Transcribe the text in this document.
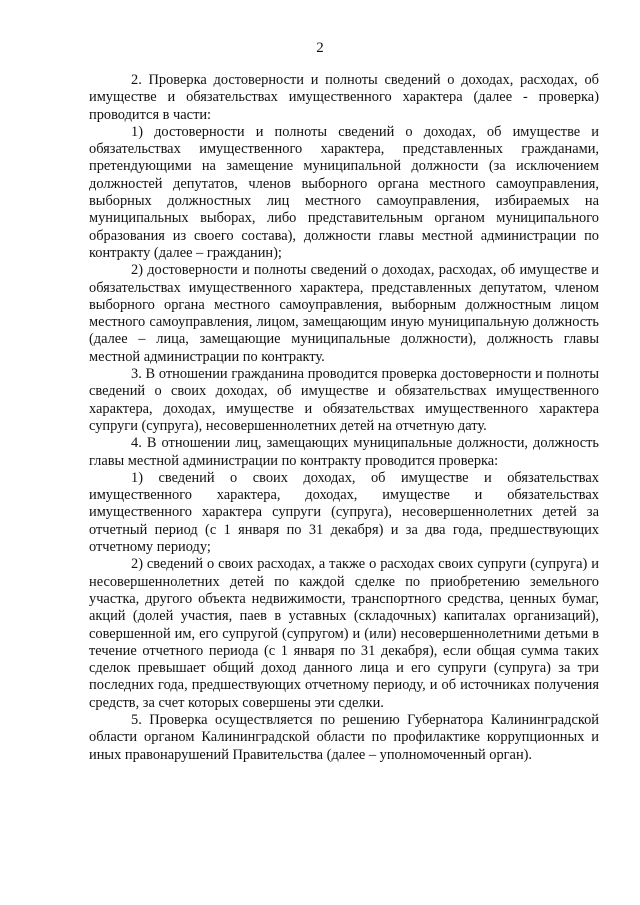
2

2. Проверка достоверности и полноты сведений о доходах, расходах, об имуществе и обязательствах имущественного характера (далее - проверка) проводится в части:

1) достоверности и полноты сведений о доходах, об имуществе и обязательствах имущественного характера, представленных гражданами, претендующими на замещение муниципальной должности (за исключением должностей депутатов, членов выборного органа местного самоуправления, выборных должностных лиц местного самоуправления, избираемых на муниципальных выборах, либо представительным органом муниципального образования из своего состава), должности главы местной администрации по контракту (далее – гражданин);

2) достоверности и полноты сведений о доходах, расходах, об имуществе и обязательствах имущественного характера, представленных депутатом, членом выборного органа местного самоуправления, выборным должностным лицом местного самоуправления, лицом, замещающим иную муниципальную должность (далее – лица, замещающие муниципальные должности), должность главы местной администрации по контракту.

3. В отношении гражданина проводится проверка достоверности и полноты сведений о своих доходах, об имуществе и обязательствах имущественного характера, доходах, имуществе и обязательствах имущественного характера супруги (супруга), несовершеннолетних детей на отчетную дату.

4. В отношении лиц, замещающих муниципальные должности, должность главы местной администрации по контракту проводится проверка:

1) сведений о своих доходах, об имуществе и обязательствах имущественного характера, доходах, имуществе и обязательствах имущественного характера супруги (супруга), несовершеннолетних детей за отчетный период (с 1 января по 31 декабря) и за два года, предшествующих отчетному периоду;

2) сведений о своих расходах, а также о расходах своих супруги (супруга) и несовершеннолетних детей по каждой сделке по приобретению земельного участка, другого объекта недвижимости, транспортного средства, ценных бумаг, акций (долей участия, паев в уставных (складочных) капиталах организаций), совершенной им, его супругой (супругом) и (или) несовершеннолетними детьми в течение отчетного периода (с 1 января по 31 декабря), если общая сумма таких сделок превышает общий доход данного лица и его супруги (супруга) за три последних года, предшествующих отчетному периоду, и об источниках получения средств, за счет которых совершены эти сделки.

5. Проверка осуществляется по решению Губернатора Калининградской области органом Калининградской области по профилактике коррупционных и иных правонарушений Правительства (далее – уполномоченный орган).
